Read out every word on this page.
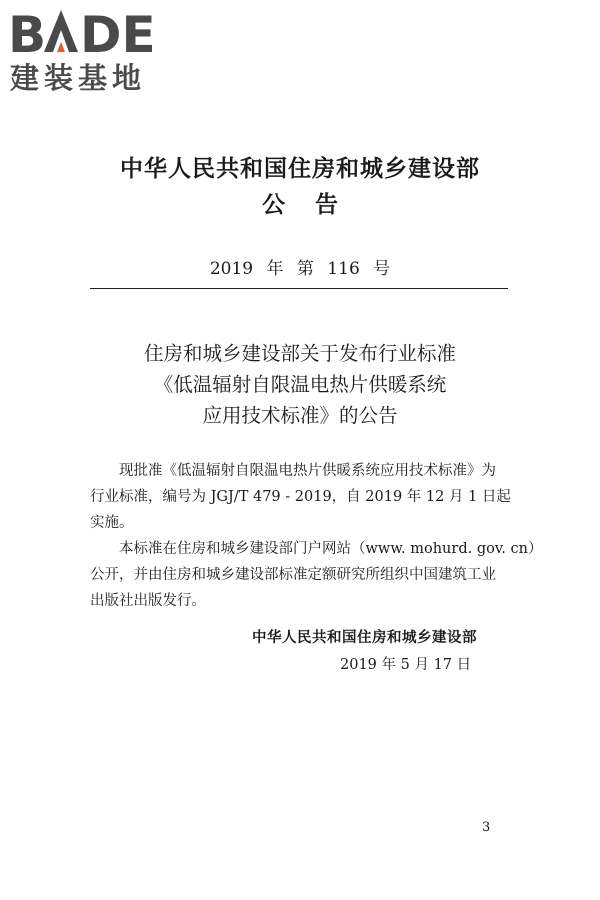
B DE
建装基地
中华人民共和国住房和城乡建设部
公告
2019 年 第 116 号
住房和城乡建设部关于发布行业标准
《低温辐射自限温电热片供暖系统
应用技术标准》的公告
现批准《低温辐射自限温电热片供暖系统应用技术标准》为
行业标准，编号为 JGJ/T 479 - 2019，自 2019 年 12 月 1 日起
实施。
本标准在住房和城乡建设部门户网站（www. mohurd. gov. cn）
公开，并由住房和城乡建设部标准定额研究所组织中国建筑工业
出版社出版发行。
中华人民共和国住房和城乡建设部
2019 年 5 月 17 日
3
